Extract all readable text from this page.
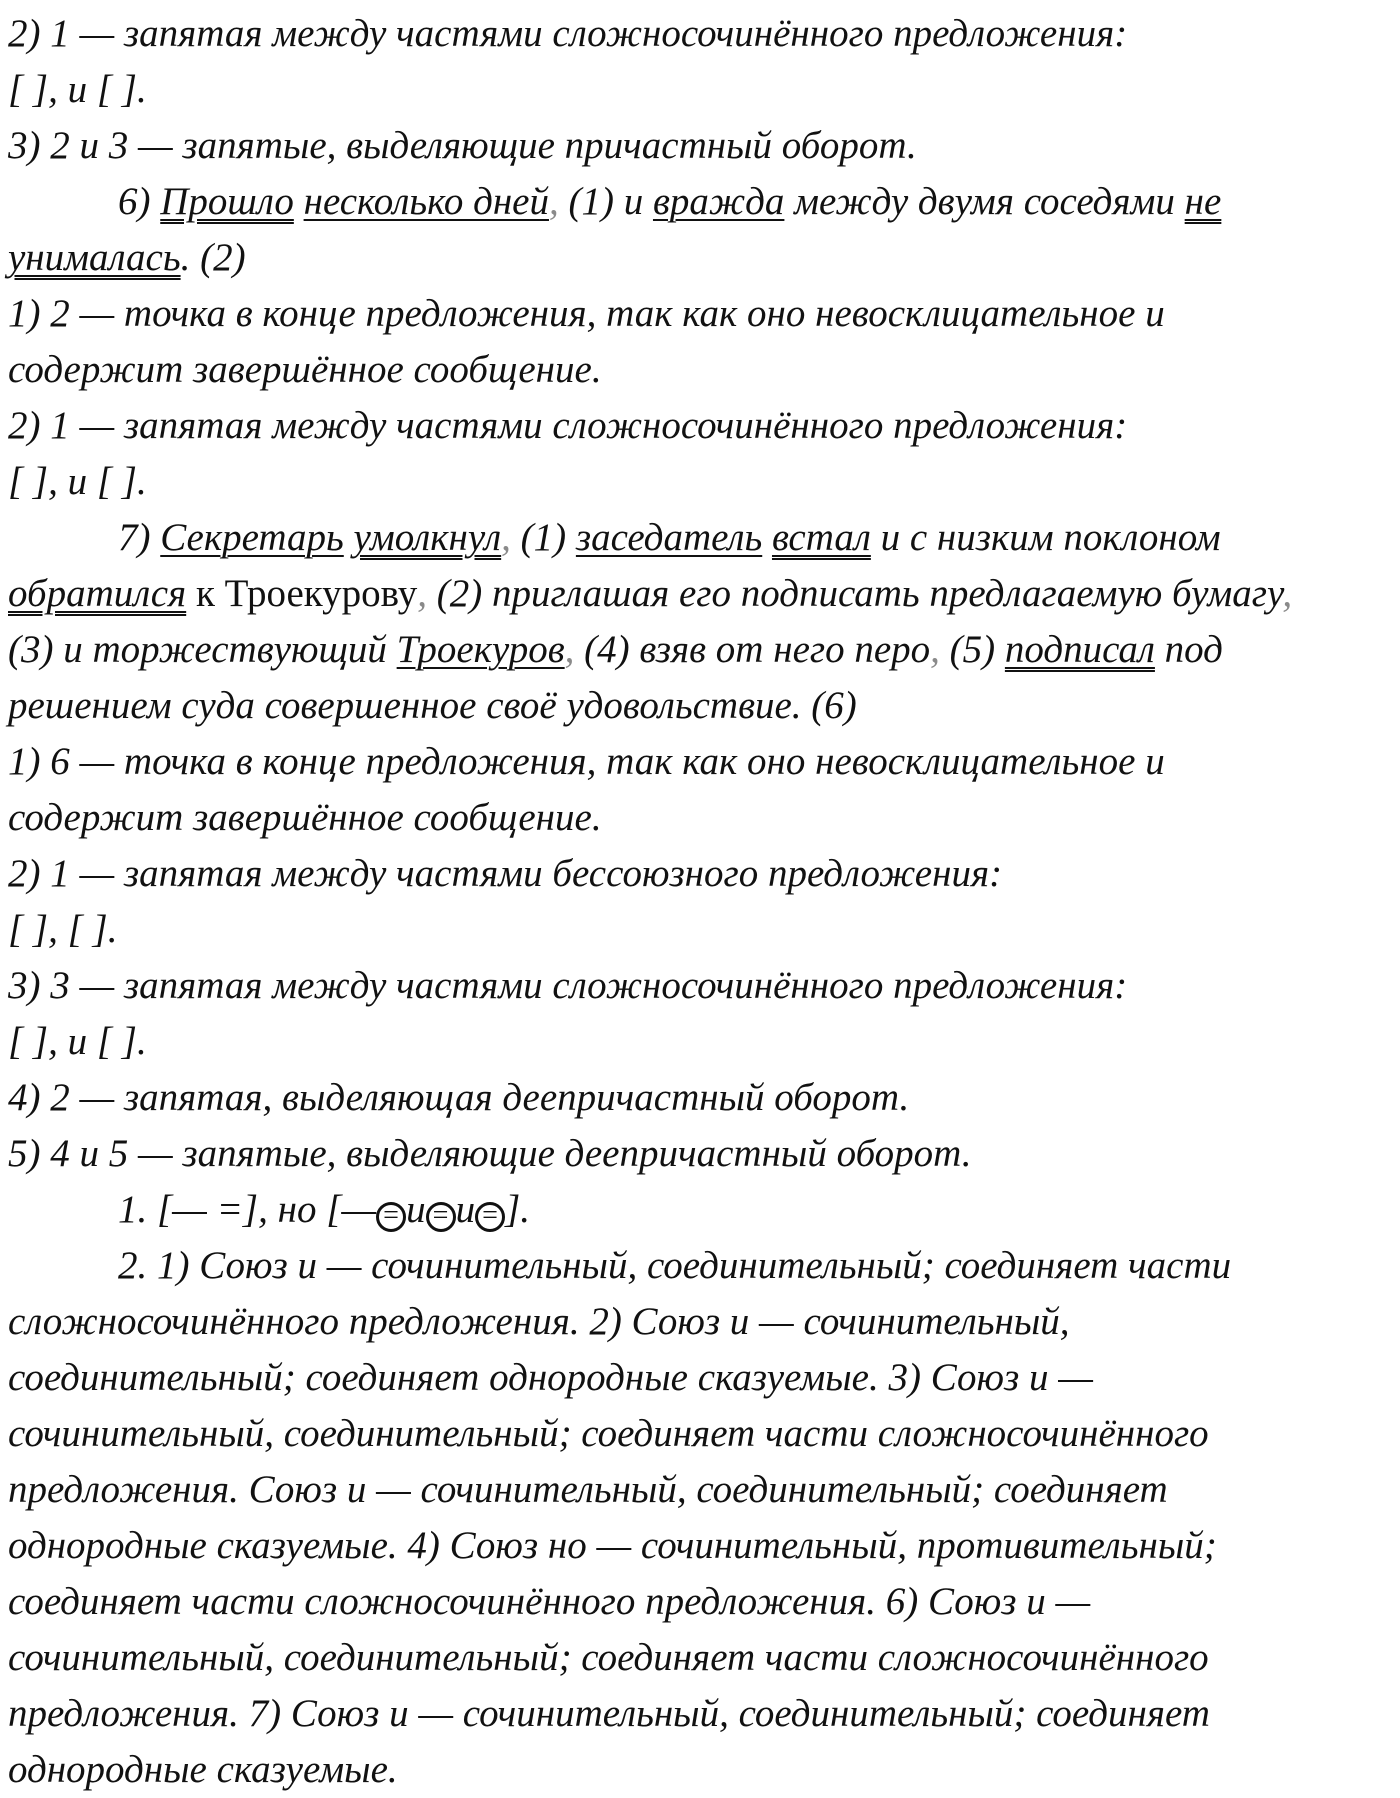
2) 1 — запятая между частями сложносочинённого предложения:
[ ], и [ ].
3) 2 и 3 — запятые, выделяющие причастный оборот.
6) Прошло несколько дней, (1) и вражда между двумя соседями не
унималась. (2)
1) 2 — точка в конце предложения, так как оно невосклицательное и
содержит завершённое сообщение.
2) 1 — запятая между частями сложносочинённого предложения:
[ ], и [ ].
7) Секретарь умолкнул, (1) заседатель встал и с низким поклоном
обратился к Троекурову, (2) приглашая его подписать предлагаемую бумагу,
(3) и торжествующий Троекуров, (4) взяв от него перо, (5) подписал под
решением суда совершенное своё удовольствие. (6)
1) 6 — точка в конце предложения, так как оно невосклицательное и
содержит завершённое сообщение.
2) 1 — запятая между частями бессоюзного предложения:
[ ], [ ].
3) 3 — запятая между частями сложносочинённого предложения:
[ ], и [ ].
4) 2 — запятая, выделяющая деепричастный оборот.
5) 4 и 5 — запятые, выделяющие деепричастный оборот.
1. [— =], но [— = и = и = ].
2. 1) Союз и — сочинительный, соединительный; соединяет части
сложносочинённого предложения. 2) Союз и — сочинительный,
соединительный; соединяет однородные сказуемые. 3) Союз и —
сочинительный, соединительный; соединяет части сложносочинённого
предложения. Союз и — сочинительный, соединительный; соединяет
однородные сказуемые. 4) Союз но — сочинительный, противительный;
соединяет части сложносочинённого предложения. 6) Союз и —
сочинительный, соединительный; соединяет части сложносочинённого
предложения. 7) Союз и — сочинительный, соединительный; соединяет
однородные сказуемые.
